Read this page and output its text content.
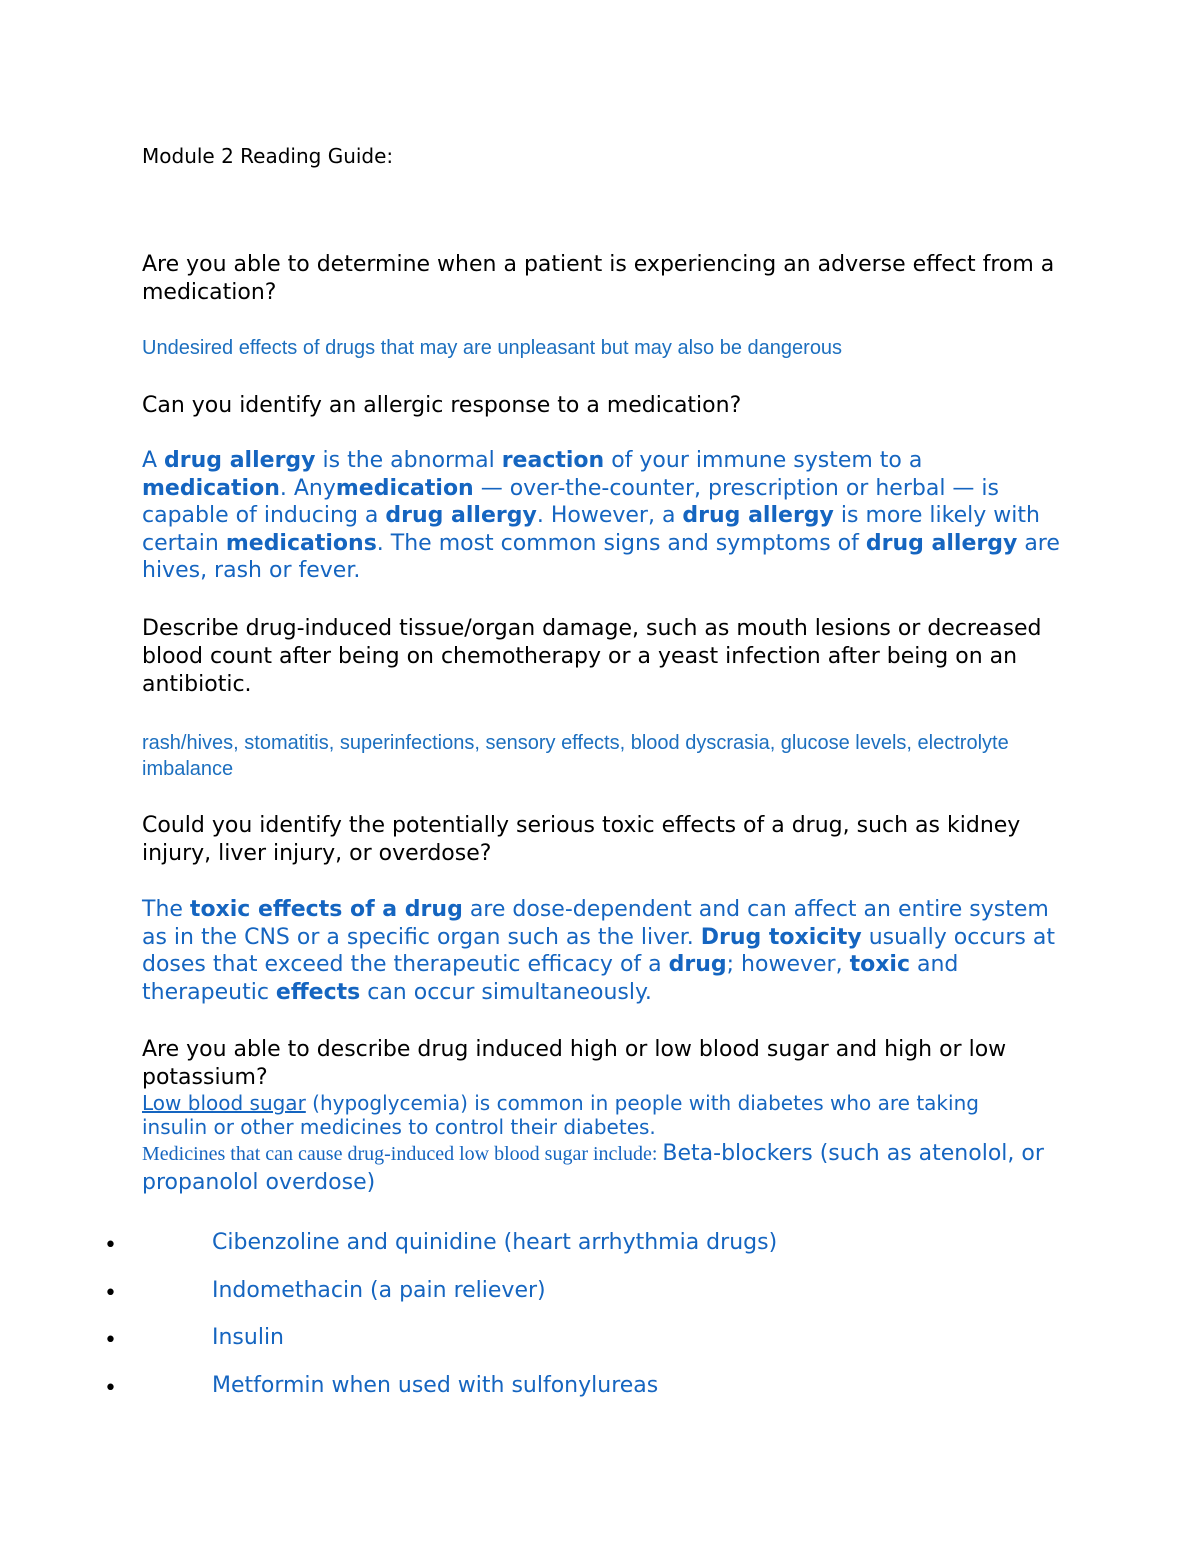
Module 2 Reading Guide:

Are you able to determine when a patient is experiencing an adverse effect from a medication?

Undesired effects of drugs that may are unpleasant but may also be dangerous

Can you identify an allergic response to a medication?

A drug allergy is the abnormal reaction of your immune system to a medication. Anymedication — over-the-counter, prescription or herbal — is capable of inducing a drug allergy. However, a drug allergy is more likely with certain medications. The most common signs and symptoms of drug allergy are hives, rash or fever.

Describe drug-induced tissue/organ damage, such as mouth lesions or decreased blood count after being on chemotherapy or a yeast infection after being on an antibiotic.

rash/hives, stomatitis, superinfections, sensory effects, blood dyscrasia, glucose levels, electrolyte imbalance

Could you identify the potentially serious toxic effects of a drug, such as kidney injury, liver injury, or overdose?

The toxic effects of a drug are dose-dependent and can affect an entire system as in the CNS or a specific organ such as the liver. Drug toxicity usually occurs at doses that exceed the therapeutic efficacy of a drug; however, toxic and therapeutic effects can occur simultaneously.

Are you able to describe drug induced high or low blood sugar and high or low potassium?

Low blood sugar (hypoglycemia) is common in people with diabetes who are taking insulin or other medicines to control their diabetes.

Medicines that can cause drug-induced low blood sugar include: Beta-blockers (such as atenolol, or propanolol overdose)

•	Cibenzoline and quinidine (heart arrhythmia drugs)
•	Indomethacin (a pain reliever)
•	Insulin
•	Metformin when used with sulfonylureas
